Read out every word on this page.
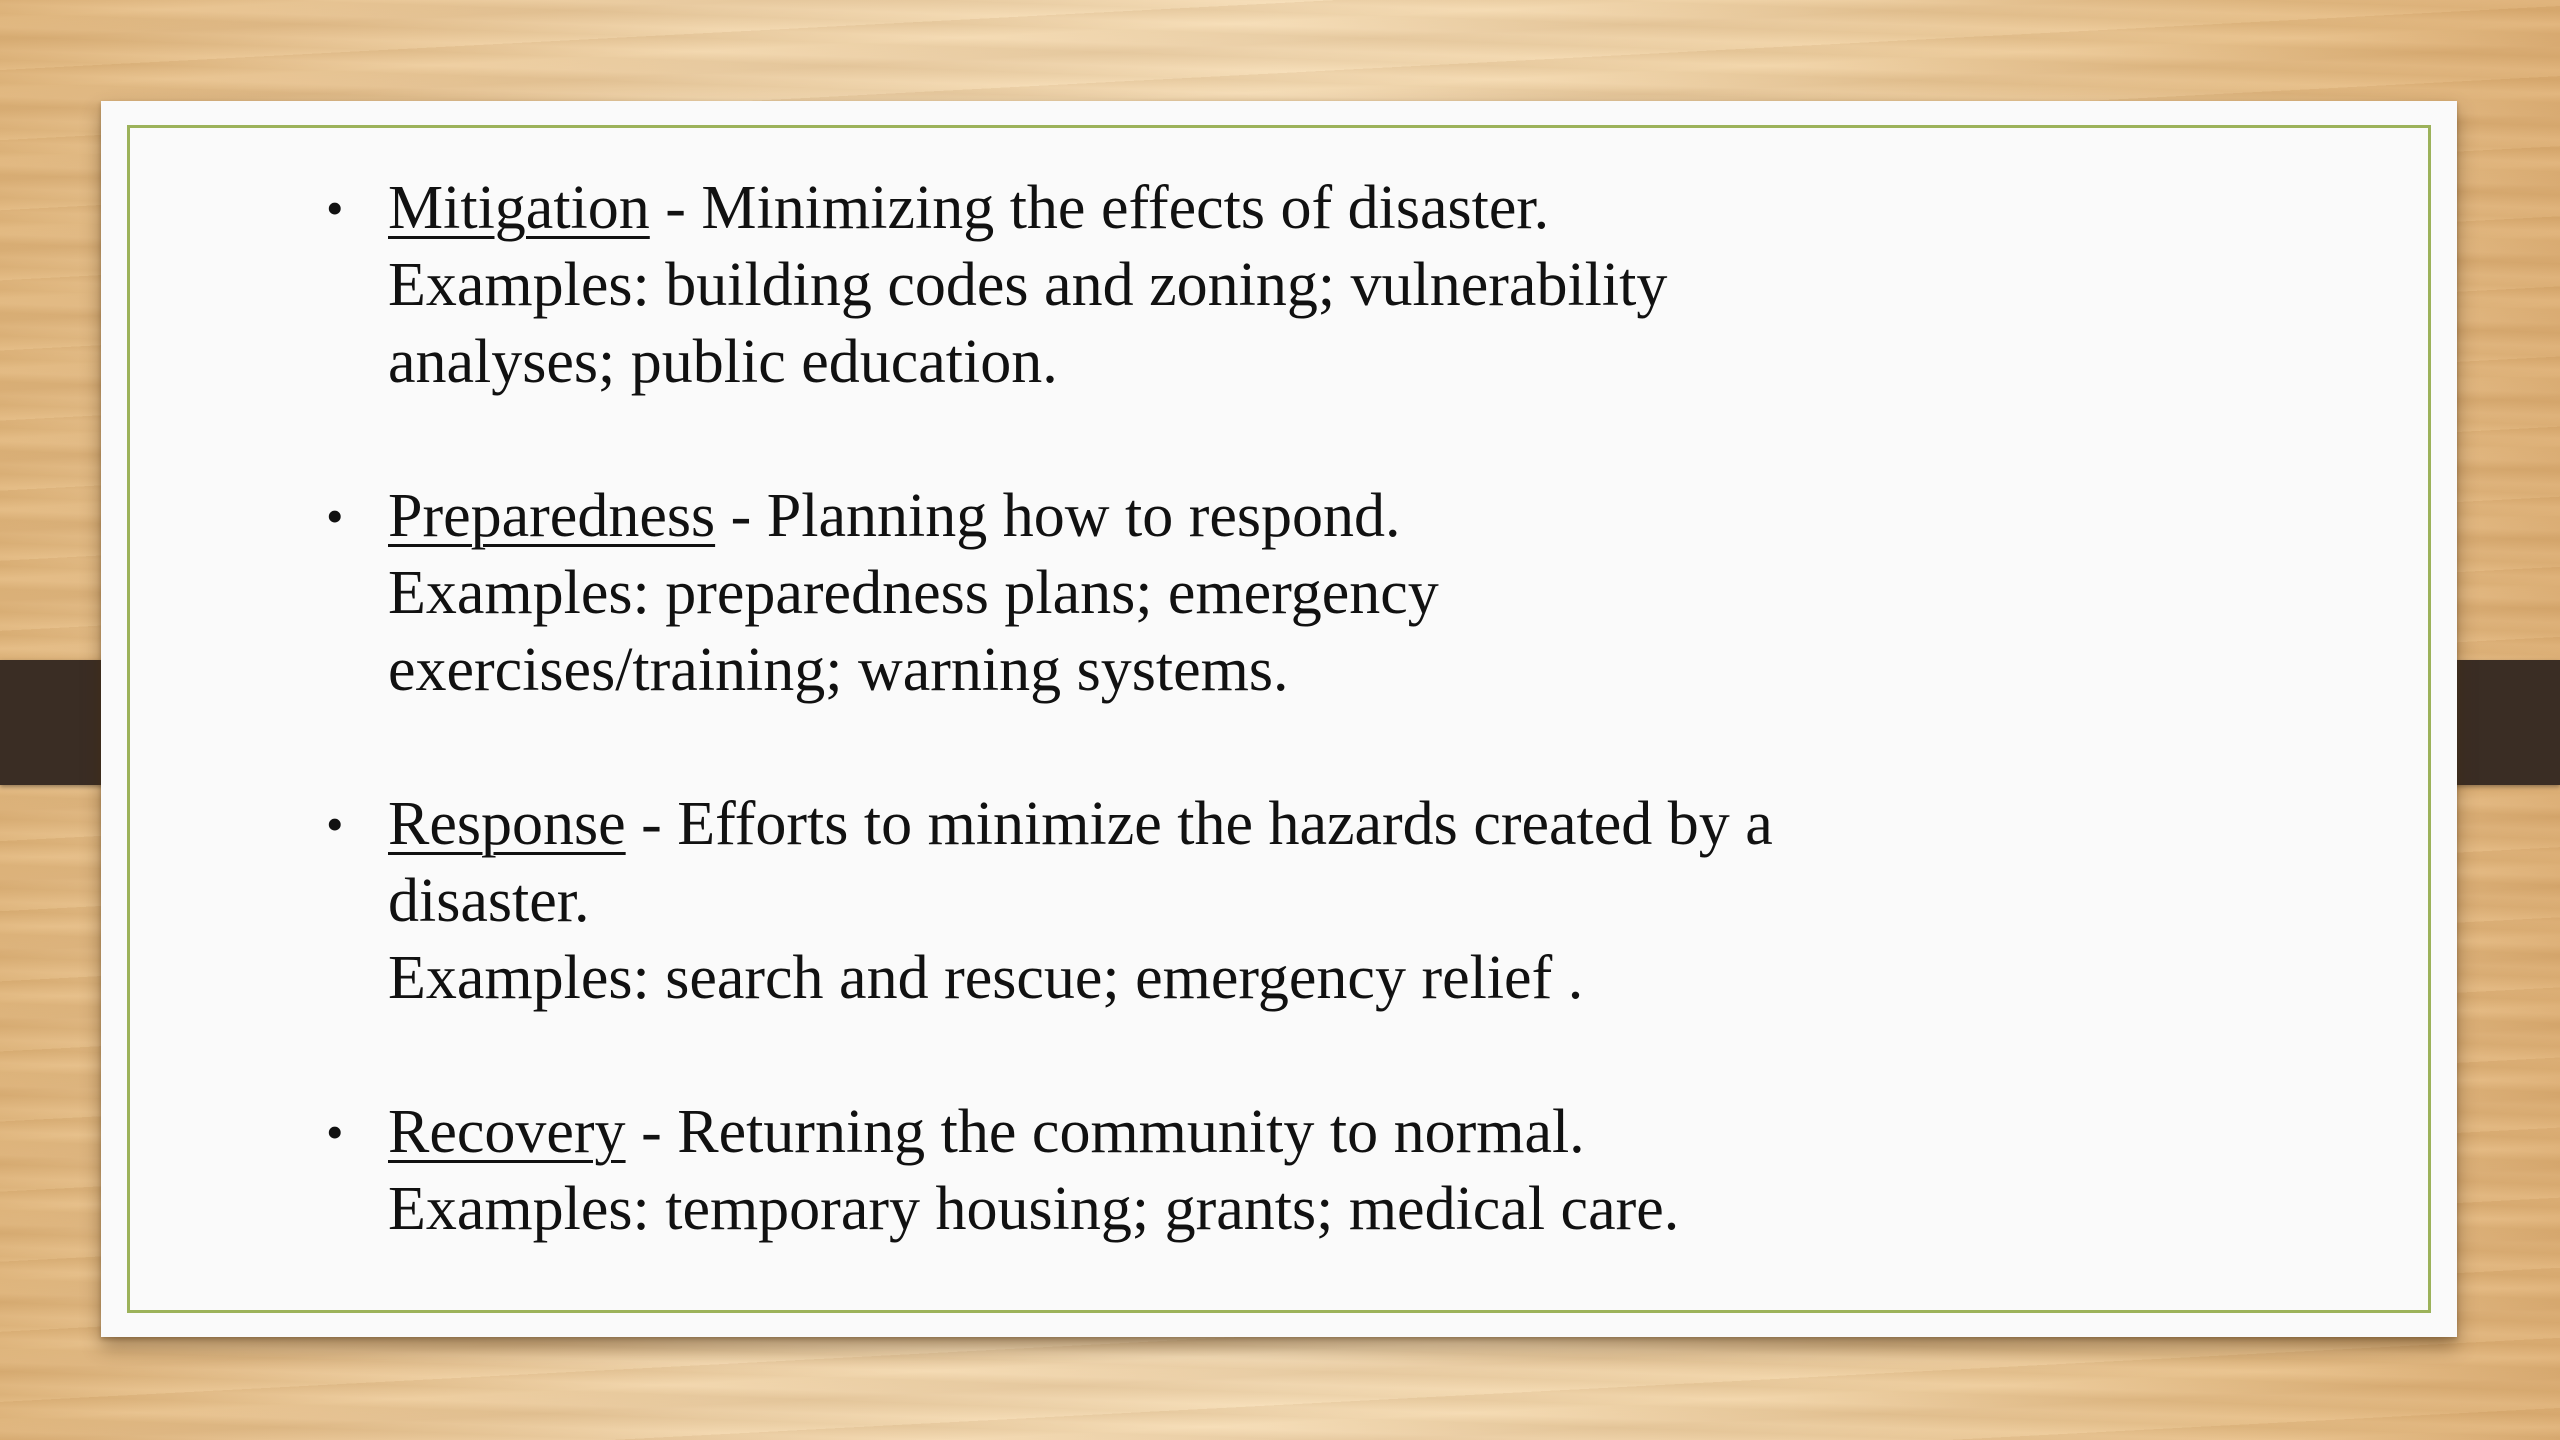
• Mitigation - Minimizing the effects of disaster.
Examples: building codes and zoning; vulnerability
analyses; public education.
• Preparedness - Planning how to respond.
Examples: preparedness plans; emergency
exercises/training; warning systems.
• Response - Efforts to minimize the hazards created by a
disaster.
Examples: search and rescue; emergency relief .
• Recovery - Returning the community to normal.
Examples: temporary housing; grants; medical care.
